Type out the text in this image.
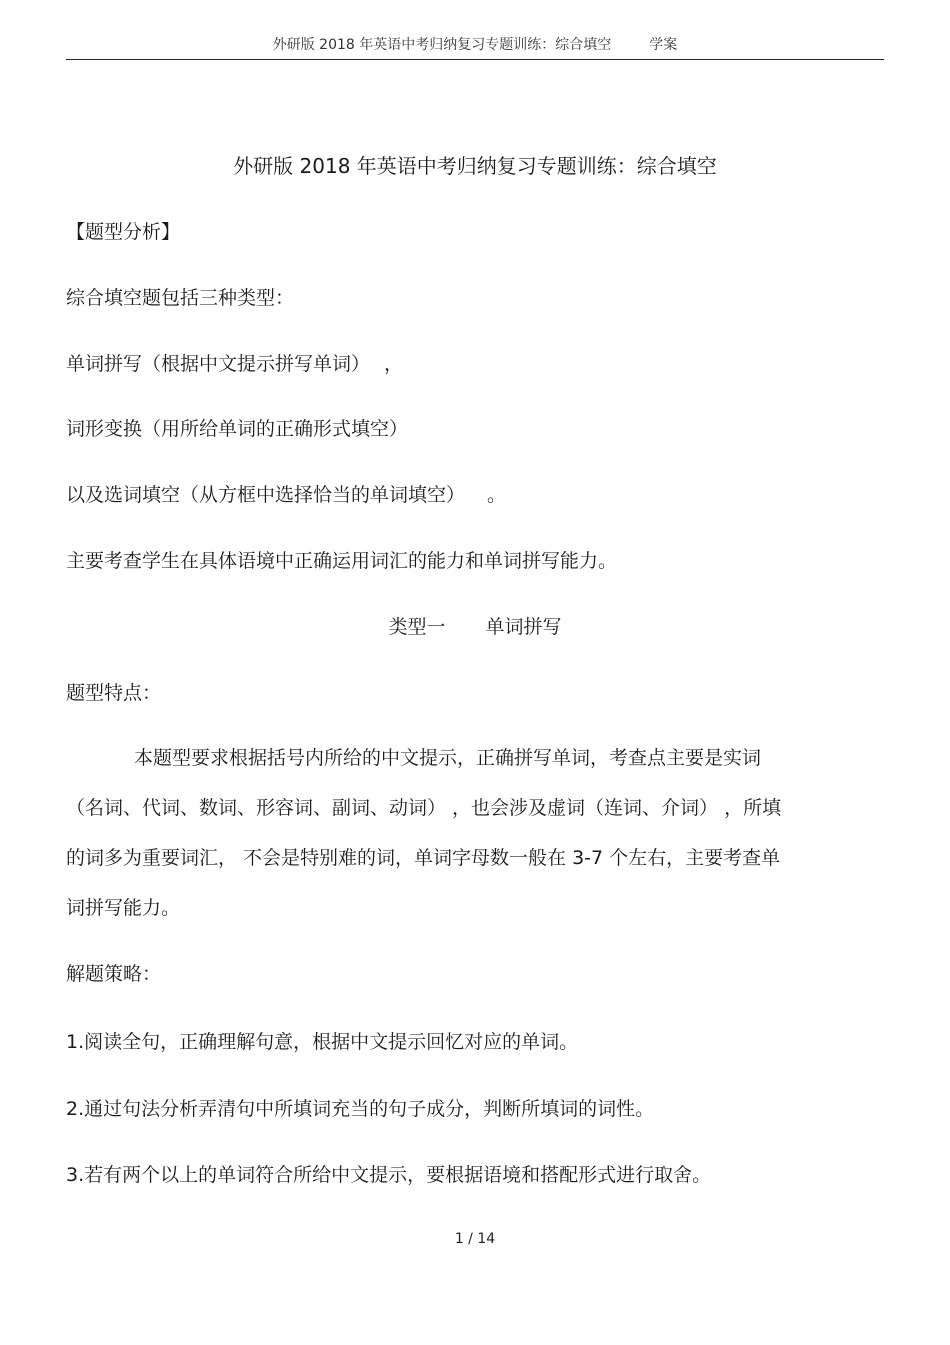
外研版 2018 年英语中考归纳复习专题训练：综合填空	学案
外研版 2018 年英语中考归纳复习专题训练：综合填空
【题型分析】
综合填空题包括三种类型：
单词拼写（根据中文提示拼写单词） ，
词形变换（用所给单词的正确形式填空）
以及选词填空（从方框中选择恰当的单词填空） 。
主要考查学生在具体语境中正确运用词汇的能力和单词拼写能力。
类型一 单词拼写
题型特点：
本题型要求根据括号内所给的中文提示，正确拼写单词，考查点主要是实词
（名词、代词、数词、形容词、副词、动词） ，也会涉及虚词（连词、介词） ，所填
的词多为重要词汇， 不会是特别难的词，单词字母数一般在 3-7 个左右，主要考查单
词拼写能力。
解题策略：
1.阅读全句，正确理解句意，根据中文提示回忆对应的单词。
2.通过句法分析弄清句中所填词充当的句子成分，判断所填词的词性。
3.若有两个以上的单词符合所给中文提示，要根据语境和搭配形式进行取舍。
1 / 14
